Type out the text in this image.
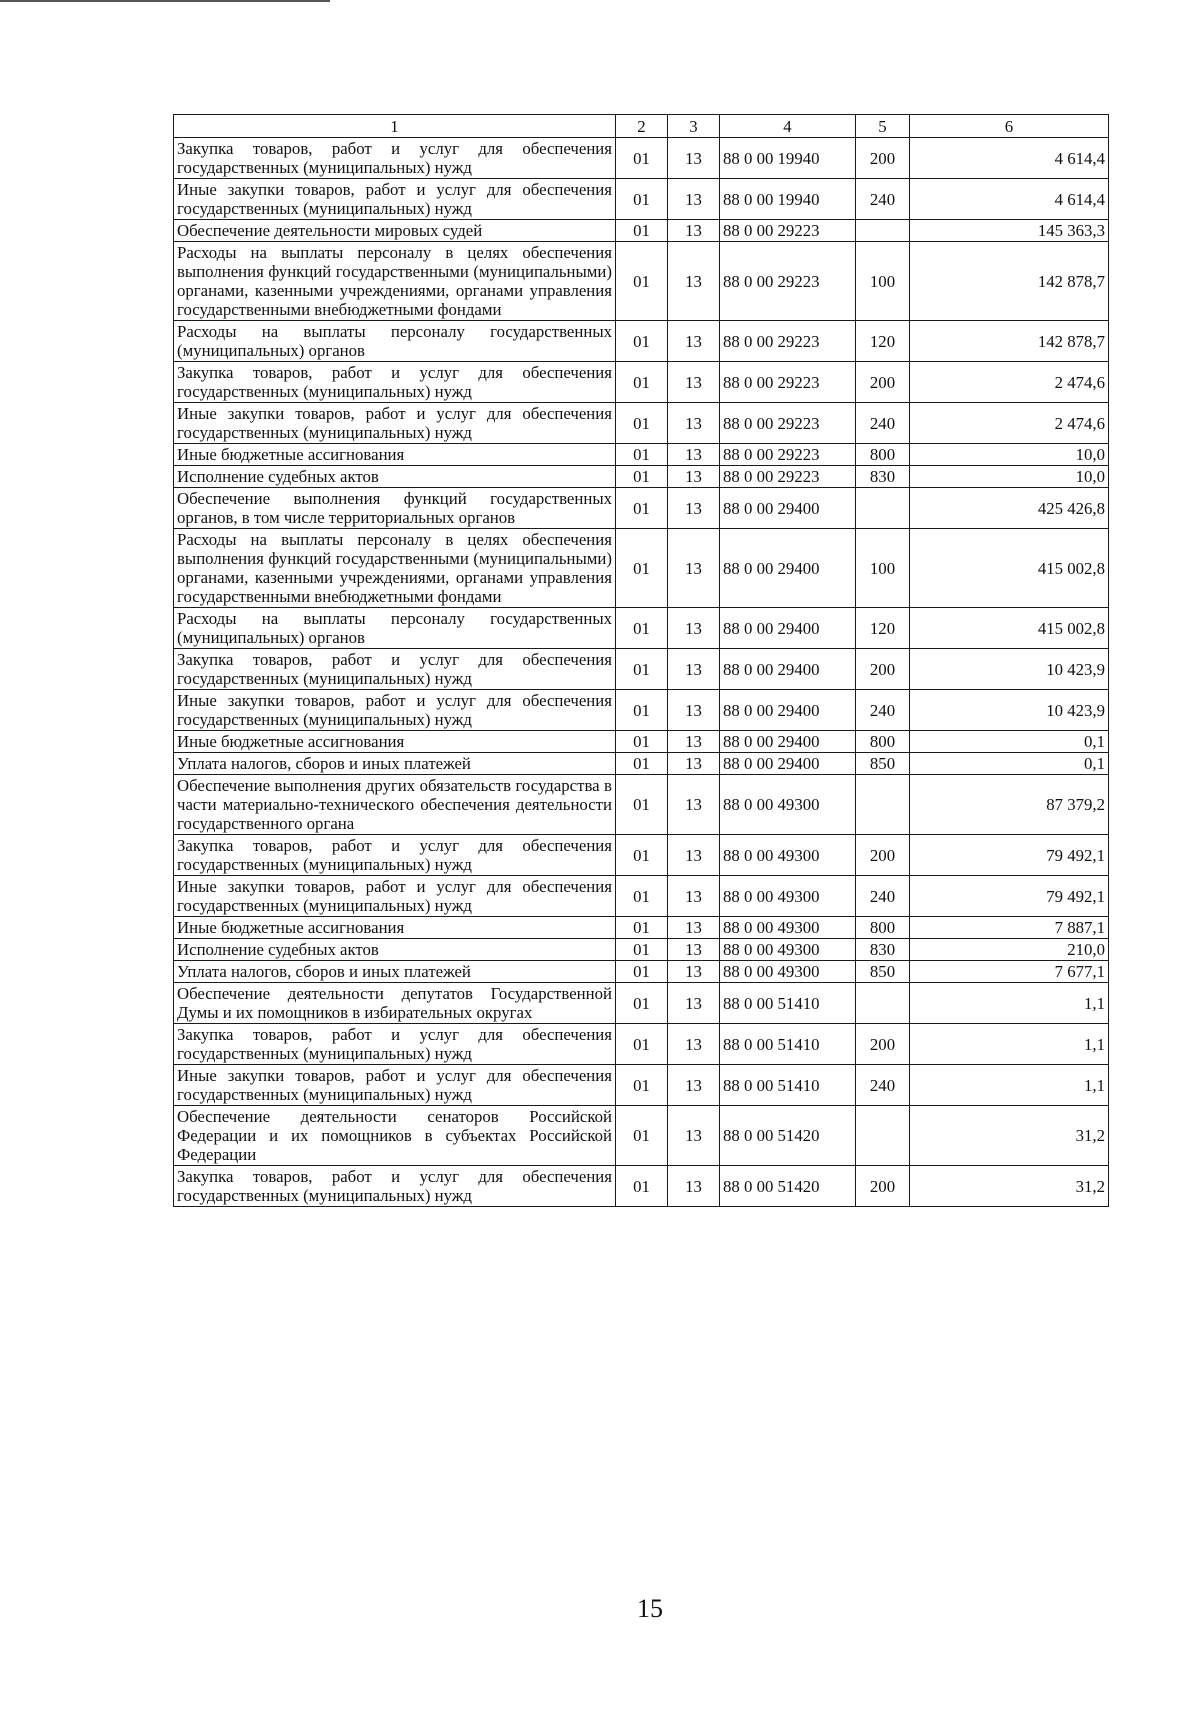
1	2	3	4	5	6
Закупка товаров, работ и услуг для обеспечения государственных (муниципальных) нужд	01	13	88 0 00 19940	200	4 614,4
Иные закупки товаров, работ и услуг для обеспечения государственных (муниципальных) нужд	01	13	88 0 00 19940	240	4 614,4
Обеспечение деятельности мировых судей	01	13	88 0 00 29223		145 363,3
Расходы на выплаты персоналу в целях обеспечения выполнения функций государственными (муниципальными) органами, казенными учреждениями, органами управления государственными внебюджетными фондами	01	13	88 0 00 29223	100	142 878,7
Расходы на выплаты персоналу государственных (муниципальных) органов	01	13	88 0 00 29223	120	142 878,7
Закупка товаров, работ и услуг для обеспечения государственных (муниципальных) нужд	01	13	88 0 00 29223	200	2 474,6
Иные закупки товаров, работ и услуг для обеспечения государственных (муниципальных) нужд	01	13	88 0 00 29223	240	2 474,6
Иные бюджетные ассигнования	01	13	88 0 00 29223	800	10,0
Исполнение судебных актов	01	13	88 0 00 29223	830	10,0
Обеспечение выполнения функций государственных органов, в том числе территориальных органов	01	13	88 0 00 29400		425 426,8
Расходы на выплаты персоналу в целях обеспечения выполнения функций государственными (муниципальными) органами, казенными учреждениями, органами управления государственными внебюджетными фондами	01	13	88 0 00 29400	100	415 002,8
Расходы на выплаты персоналу государственных (муниципальных) органов	01	13	88 0 00 29400	120	415 002,8
Закупка товаров, работ и услуг для обеспечения государственных (муниципальных) нужд	01	13	88 0 00 29400	200	10 423,9
Иные закупки товаров, работ и услуг для обеспечения государственных (муниципальных) нужд	01	13	88 0 00 29400	240	10 423,9
Иные бюджетные ассигнования	01	13	88 0 00 29400	800	0,1
Уплата налогов, сборов и иных платежей	01	13	88 0 00 29400	850	0,1
Обеспечение выполнения других обязательств государства в части материально-технического обеспечения деятельности государственного органа	01	13	88 0 00 49300		87 379,2
Закупка товаров, работ и услуг для обеспечения государственных (муниципальных) нужд	01	13	88 0 00 49300	200	79 492,1
Иные закупки товаров, работ и услуг для обеспечения государственных (муниципальных) нужд	01	13	88 0 00 49300	240	79 492,1
Иные бюджетные ассигнования	01	13	88 0 00 49300	800	7 887,1
Исполнение судебных актов	01	13	88 0 00 49300	830	210,0
Уплата налогов, сборов и иных платежей	01	13	88 0 00 49300	850	7 677,1
Обеспечение деятельности депутатов Государственной Думы и их помощников в избирательных округах	01	13	88 0 00 51410		1,1
Закупка товаров, работ и услуг для обеспечения государственных (муниципальных) нужд	01	13	88 0 00 51410	200	1,1
Иные закупки товаров, работ и услуг для обеспечения государственных (муниципальных) нужд	01	13	88 0 00 51410	240	1,1
Обеспечение деятельности сенаторов Российской Федерации и их помощников в субъектах Российской Федерации	01	13	88 0 00 51420		31,2
Закупка товаров, работ и услуг для обеспечения государственных (муниципальных) нужд	01	13	88 0 00 51420	200	31,2
15
